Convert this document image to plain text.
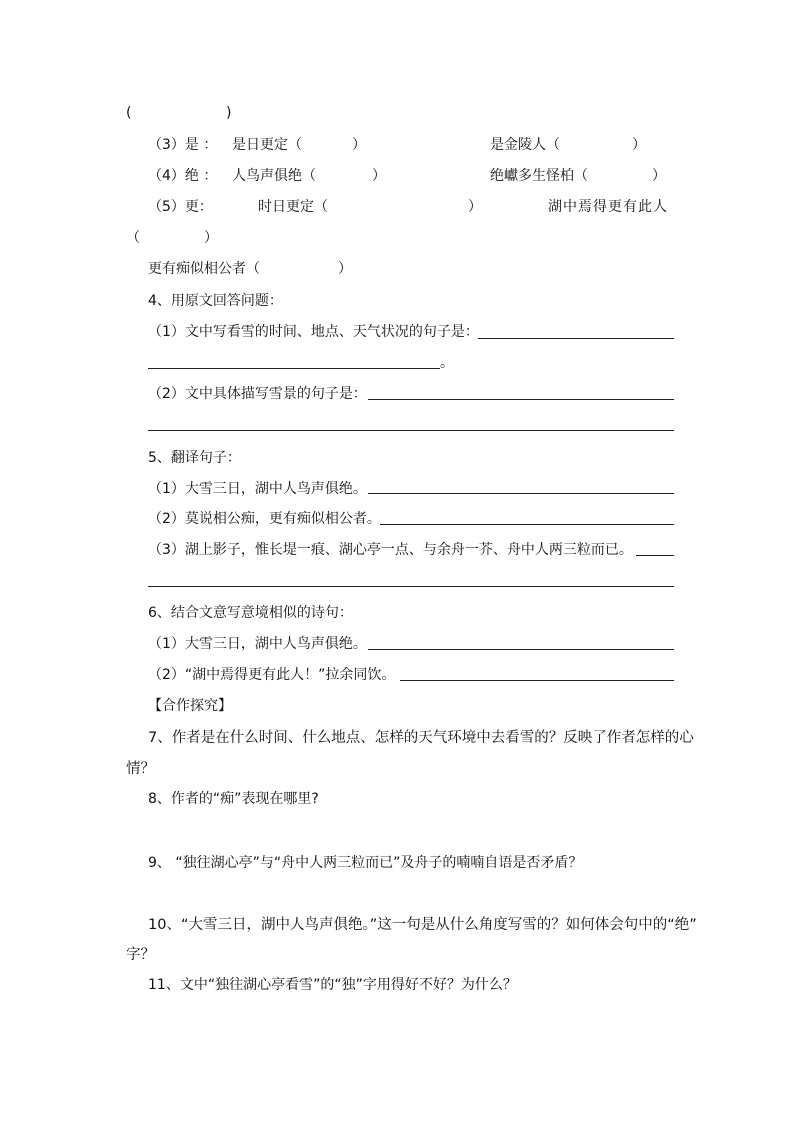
(	)
（3）是 ： 是日更定（	）	是金陵人（	）
（4）绝 ： 人鸟声俱绝（	）	绝巘多生怪柏（	）
（5）更：	时日更定（	）	湖中焉得更有此人
（	）
更有痴似相公者（	）
4、用原文回答问题：
（1）文中写看雪的时间、地点、天气状况的句子是：
。
（2）文中具体描写雪景的句子是：
5、翻译句子：
（1）大雪三日，湖中人鸟声俱绝。
（2）莫说相公痴，更有痴似相公者。
（3）湖上影子，惟长堤一痕、湖心亭一点、与余舟一芥、舟中人两三粒而已。
6、结合文意写意境相似的诗句：
（1）大雪三日，湖中人鸟声俱绝。
（2）“湖中焉得更有此人！”拉余同饮。
【合作探究】
7、作者是在什么时间、什么地点、怎样的天气环境中去看雪的？反映了作者怎样的心
情？
8、作者的“痴”表现在哪里?
9、 “独往湖心亭”与“舟中人两三粒而已”及舟子的喃喃自语是否矛盾？
10、“大雪三日，湖中人鸟声俱绝。”这一句是从什么角度写雪的？如何体会句中的“绝”
字？
11、文中“独往湖心亭看雪”的“独”字用得好不好？为什么？
